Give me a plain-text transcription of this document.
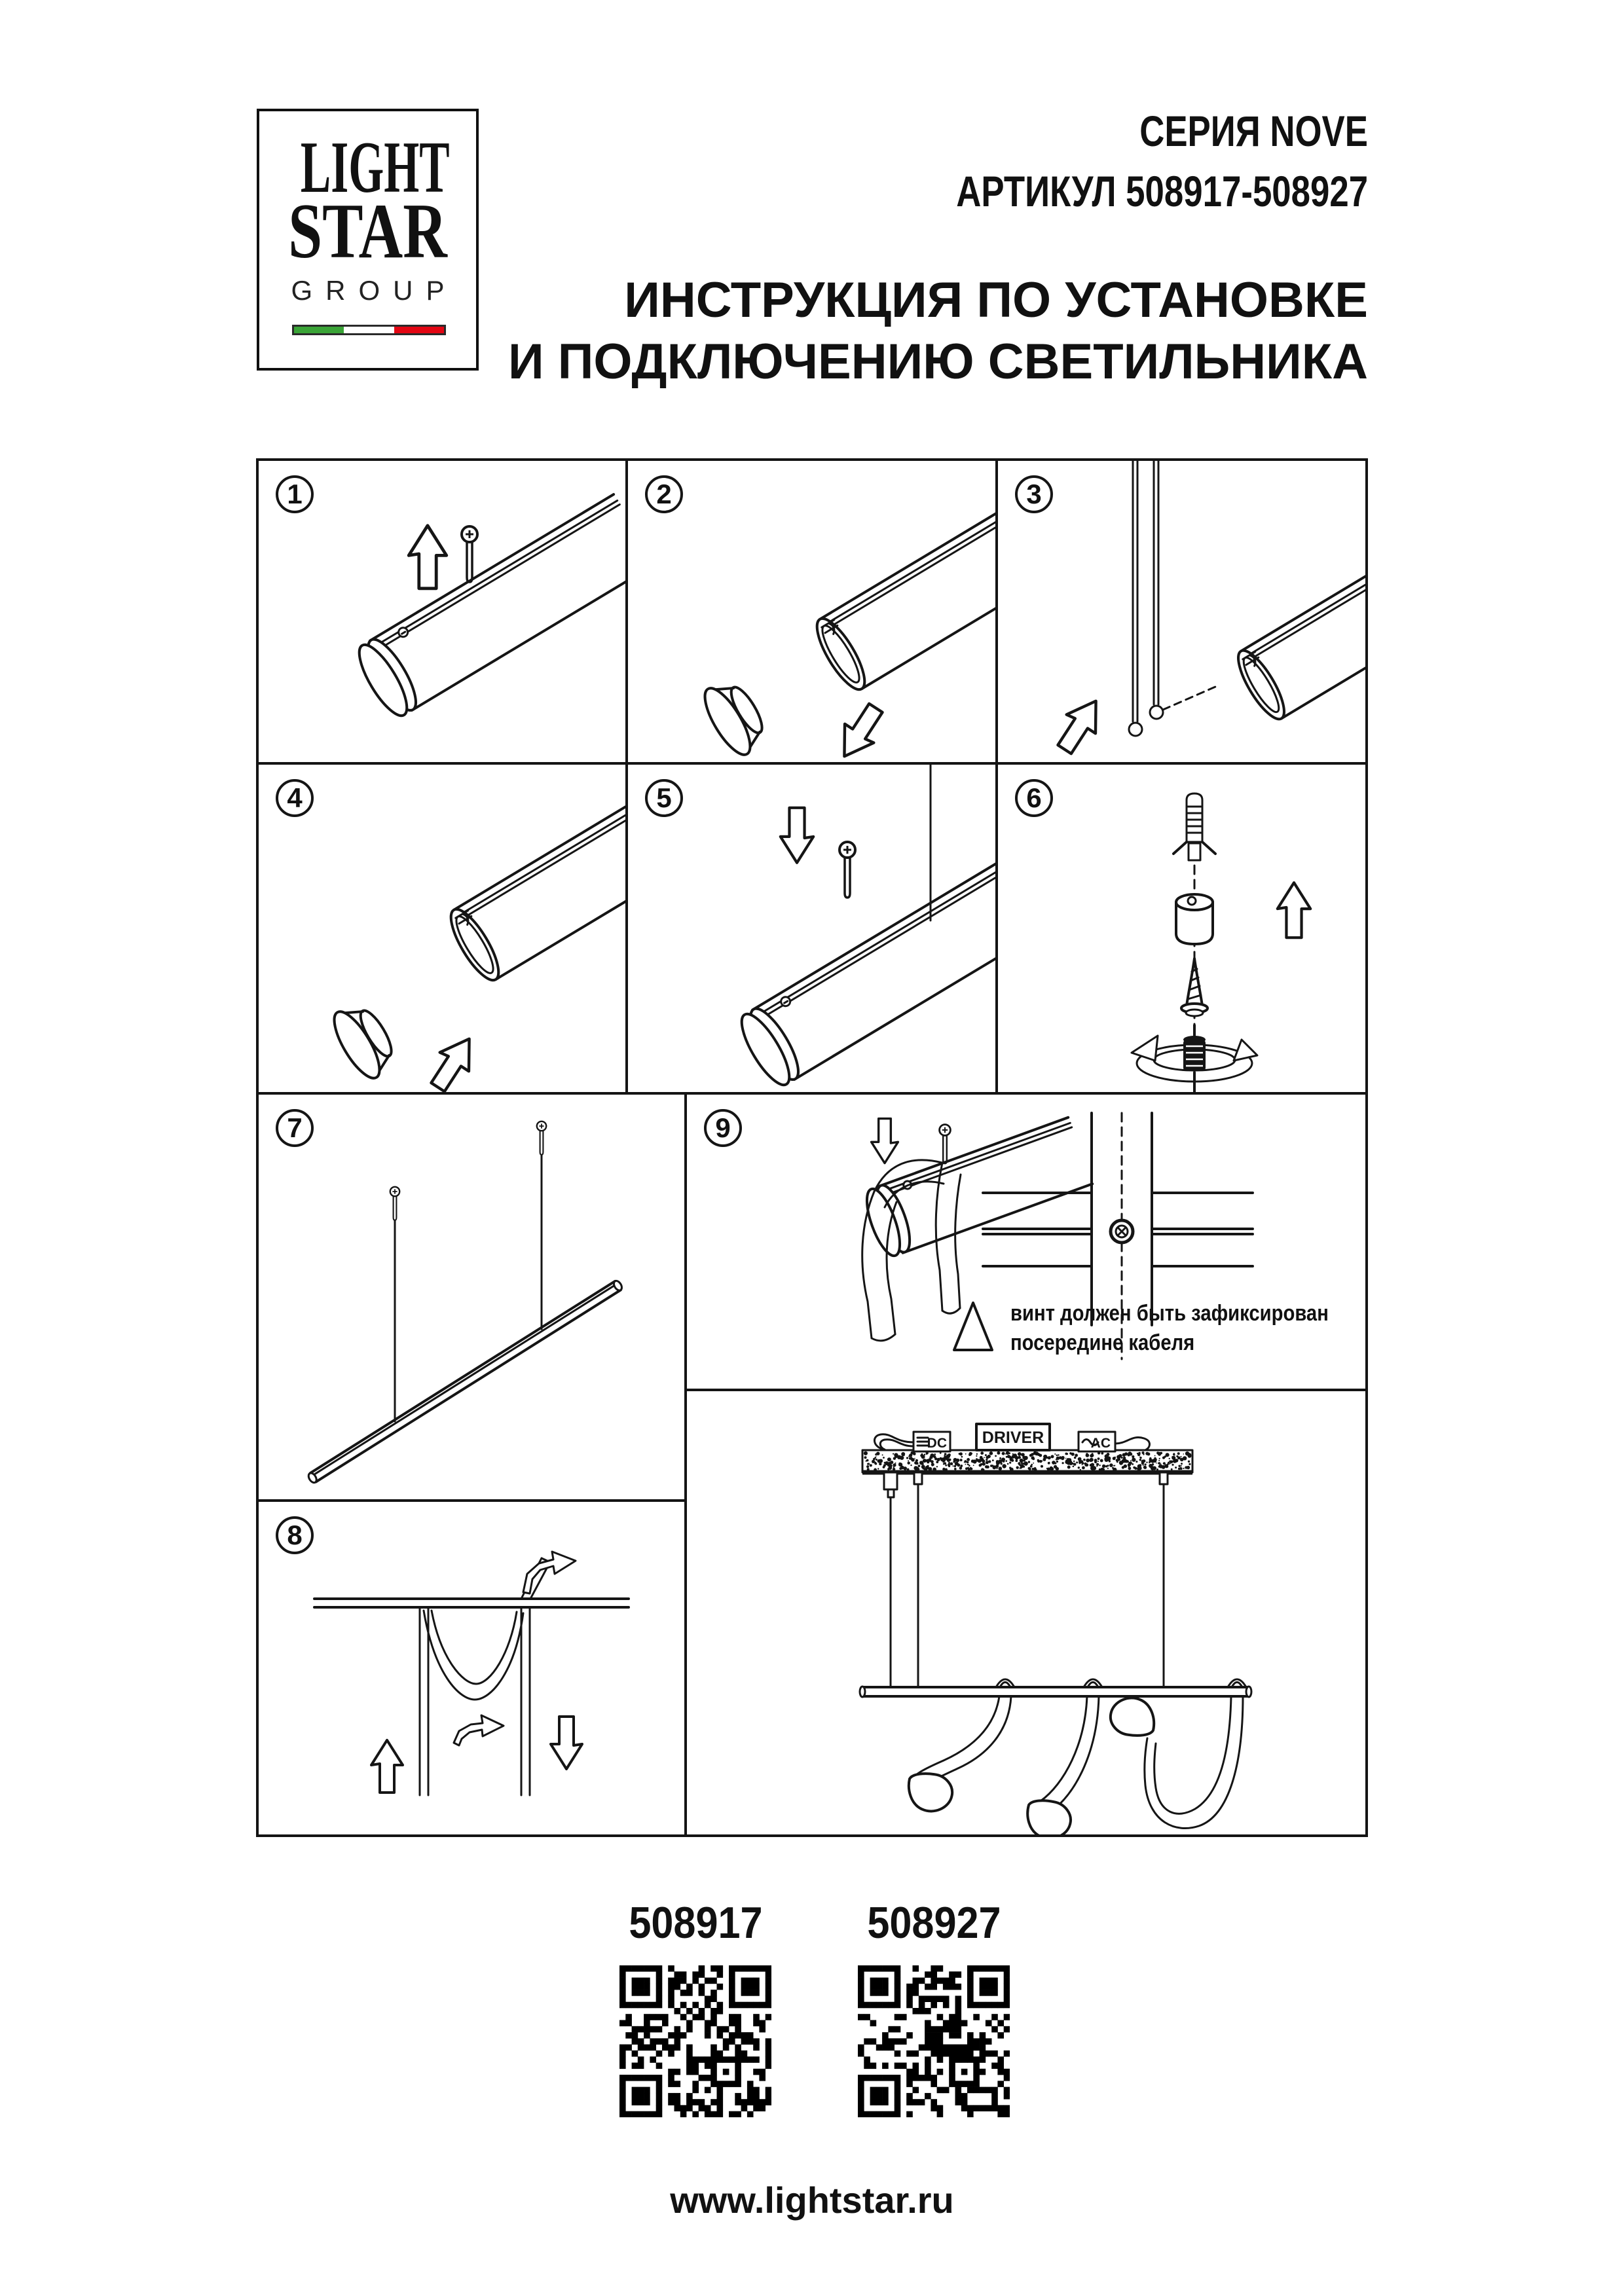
LIGHT
STAR
GROUP
СЕРИЯ NOVE
АРТИКУЛ 508917-508927
ИНСТРУКЦИЯ ПО УСТАНОВКЕ
И ПОДКЛЮЧЕНИЮ СВЕТИЛЬНИКА
1	2	3
4	5	6
7
8
9
винт должен быть зафиксирован
посередине кабеля
DC	AC
DRIVER
508917 508927
www.lightstar.ru
